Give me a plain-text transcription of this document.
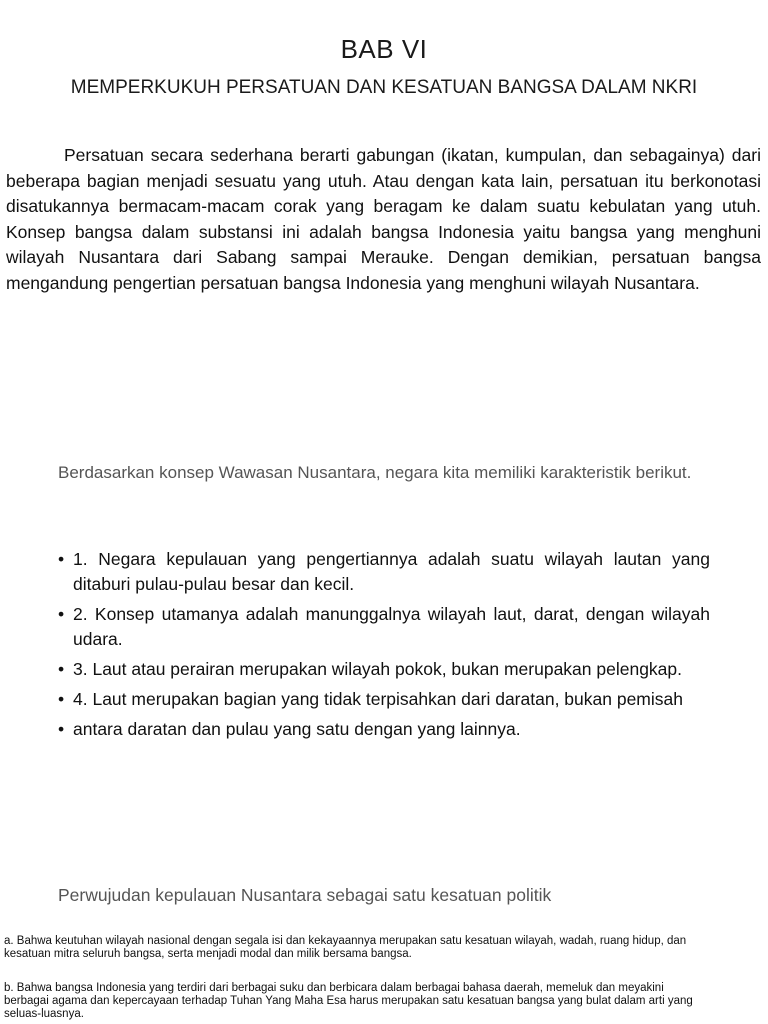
BAB VI
MEMPERKUKUH PERSATUAN DAN KESATUAN BANGSA DALAM NKRI

Persatuan secara sederhana berarti gabungan (ikatan, kumpulan, dan sebagainya) dari beberapa bagian menjadi sesuatu yang utuh. Atau dengan kata lain, persatuan itu berkonotasi disatukannya bermacam-macam corak yang beragam ke dalam suatu kebulatan yang utuh. Konsep bangsa dalam substansi ini adalah bangsa Indonesia yaitu bangsa yang menghuni wilayah Nusantara dari Sabang sampai Merauke. Dengan demikian, persatuan bangsa mengandung pengertian persatuan bangsa Indonesia yang menghuni wilayah Nusantara.

Berdasarkan konsep Wawasan Nusantara, negara kita memiliki karakteristik berikut.

• 1. Negara kepulauan yang pengertiannya adalah suatu wilayah lautan yang ditaburi pulau-pulau besar dan kecil.
• 2. Konsep utamanya adalah manunggalnya wilayah laut, darat, dengan wilayah udara.
• 3. Laut atau perairan merupakan wilayah pokok, bukan merupakan pelengkap.
• 4. Laut merupakan bagian yang tidak terpisahkan dari daratan, bukan pemisah
• antara daratan dan pulau yang satu dengan yang lainnya.

Perwujudan kepulauan Nusantara sebagai satu kesatuan politik

a. Bahwa keutuhan wilayah nasional dengan segala isi dan kekayaannya merupakan satu kesatuan wilayah, wadah, ruang hidup, dan kesatuan mitra seluruh bangsa, serta menjadi modal dan milik bersama bangsa.

b. Bahwa bangsa Indonesia yang terdiri dari berbagai suku dan berbicara dalam berbagai bahasa daerah, memeluk dan meyakini berbagai agama dan kepercayaan terhadap Tuhan Yang Maha Esa harus merupakan satu kesatuan bangsa yang bulat dalam arti yang seluas-luasnya.
